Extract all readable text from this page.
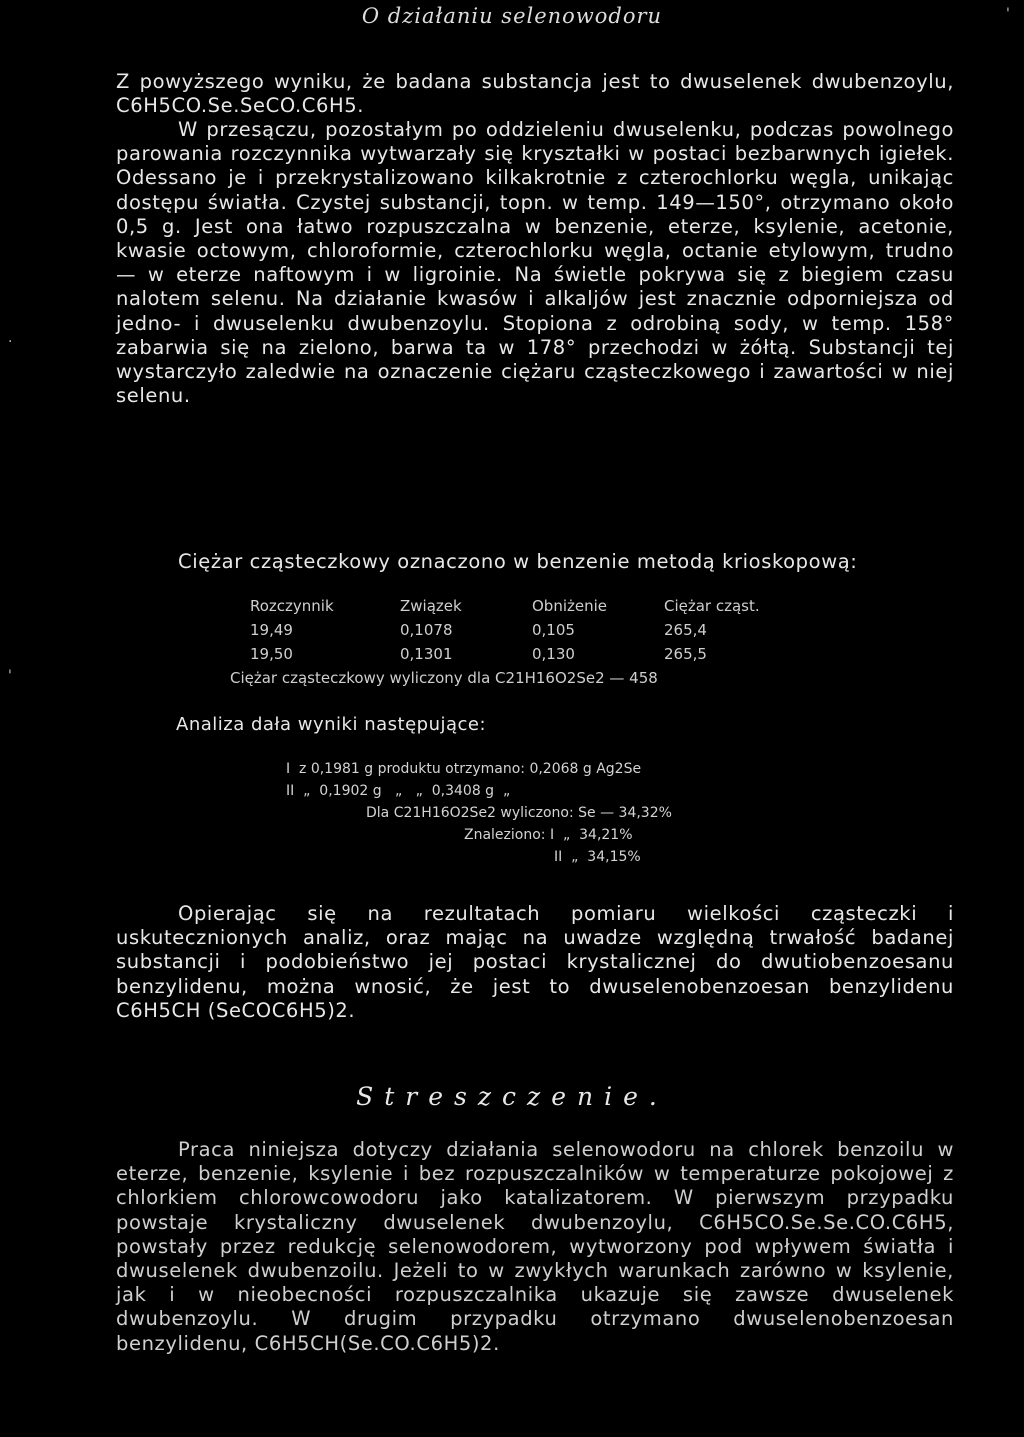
O działaniu selenowodoru	'
.
'

Z powyższego wyniku, że badana substancja jest to dwuselenek dwubenzoylu, C6H5CO.Se.SeCO.C6H5.

W przesączu, pozostałym po oddzieleniu dwuselenku, podczas powolnego parowania rozczynnika wytwarzały się kryształki w postaci bezbarwnych igiełek. Odessano je i przekrystalizowano kilkakrotnie z czterochlorku węgla, unikając dostępu światła. Czystej substancji, topn. w temp. 149—150°, otrzymano około 0,5 g. Jest ona łatwo rozpuszczalna w benzenie, eterze, ksylenie, acetonie, kwasie octowym, chloroformie, czterochlorku węgla, octanie etylowym, trudno — w eterze naftowym i w ligroinie. Na świetle pokrywa się z biegiem czasu nalotem selenu. Na działanie kwasów i alkaljów jest znacznie odporniejsza od jedno- i dwuselenku dwubenzoylu. Stopiona z odrobiną sody, w temp. 158° zabarwia się na zielono, barwa ta w 178° przechodzi w żółtą. Substancji tej wystarczyło zaledwie na oznaczenie ciężaru cząsteczkowego i zawartości w niej selenu.

Ciężar cząsteczkowy oznaczono w benzenie metodą krioskopową:

Rozczynnik	Związek	Obniżenie	Ciężar cząst.
19,49	0,1078	0,105	265,4
19,50	0,1301	0,130	265,5
Ciężar cząsteczkowy wyliczony dla C21H16O2Se2 — 458
Analiza dała wyniki następujące:
I  z 0,1981 g produktu otrzymano: 0,2068 g Ag2Se
II  „  0,1902 g   „   „  0,3408 g  „
Dla C21H16O2Se2 wyliczono: Se — 34,32%
Znaleziono: I  „  34,21%
II  „  34,15%

Opierając się na rezultatach pomiaru wielkości cząsteczki i uskutecznionych analiz, oraz mając na uwadze względną trwałość badanej substancji i podobieństwo jej postaci krystalicznej do dwutiobenzoesanu benzylidenu, można wnosić, że jest to dwuselenobenzoesan benzylidenu C6H5CH (SeCOC6H5)2.

Streszczenie.

Praca niniejsza dotyczy działania selenowodoru na chlorek benzoilu w eterze, benzenie, ksylenie i bez rozpuszczalników w temperaturze pokojowej z chlorkiem chlorowcowodoru jako katalizatorem. W pierwszym przypadku powstaje krystaliczny dwuselenek dwubenzoylu, C6H5CO.Se.Se.CO.C6H5, powstały przez redukcję selenowodorem, wytworzony pod wpływem światła i dwuselenek dwubenzoilu. Jeżeli to w zwykłych warunkach zarówno w ksylenie, jak i w nieobecności rozpuszczalnika ukazuje się zawsze dwuselenek dwubenzoylu. W drugim przypadku otrzymano dwuselenobenzoesan benzylidenu, C6H5CH(Se.CO.C6H5)2.
